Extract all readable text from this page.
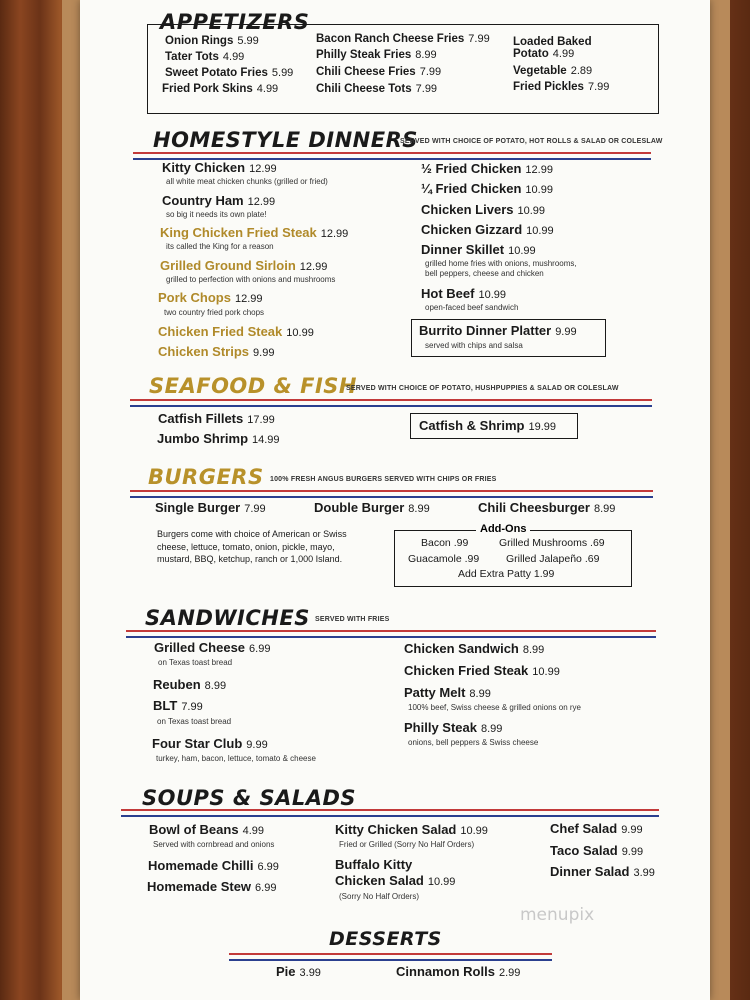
APPETIZERS
Onion Rings 5.99
Tater Tots 4.99
Sweet Potato Fries 5.99
Fried Pork Skins 4.99
Bacon Ranch Cheese Fries 7.99
Philly Steak Fries 8.99
Chili Cheese Fries 7.99
Chili Cheese Tots 7.99
Loaded Baked
Potato 4.99
Vegetable 2.89
Fried Pickles 7.99
HOMESTYLE DINNERS
SERVED WITH CHOICE OF POTATO, HOT ROLLS & SALAD OR COLESLAW
Kitty Chicken 12.99
all white meat chicken chunks (grilled or fried)
Country Ham 12.99
so big it needs its own plate!
King Chicken Fried Steak 12.99
its called the King for a reason
Grilled Ground Sirloin 12.99
grilled to perfection with onions and mushrooms
Pork Chops 12.99
two country fried pork chops
Chicken Fried Steak 10.99
Chicken Strips 9.99
½ Fried Chicken 12.99
¼ Fried Chicken 10.99
Chicken Livers 10.99
Chicken Gizzard 10.99
Dinner Skillet 10.99
grilled home fries with onions, mushrooms,
bell peppers, cheese and chicken
Hot Beef 10.99
open-faced beef sandwich
Burrito Dinner Platter 9.99
served with chips and salsa
SEAFOOD & FISH
SERVED WITH CHOICE OF POTATO, HUSHPUPPIES & SALAD OR COLESLAW
Catfish Fillets 17.99
Jumbo Shrimp 14.99
Catfish & Shrimp 19.99
BURGERS 100% FRESH ANGUS BURGERS SERVED WITH CHIPS OR FRIES
Single Burger 7.99	Double Burger 8.99	Chili Cheesburger 8.99
Burgers come with choice of American or Swiss cheese, lettuce, tomato, onion, pickle, mayo, mustard, BBQ, ketchup, ranch or 1,000 Island.
Add-Ons
Bacon .99	Grilled Mushrooms .69
Guacamole .99	Grilled Jalapeño .69
Add Extra Patty 1.99
SANDWICHES SERVED WITH FRIES
Grilled Cheese 6.99
on Texas toast bread
Reuben 8.99
BLT 7.99
on Texas toast bread
Four Star Club 9.99
turkey, ham, bacon, lettuce, tomato & cheese
Chicken Sandwich 8.99
Chicken Fried Steak 10.99
Patty Melt 8.99
100% beef, Swiss cheese & grilled onions on rye
Philly Steak 8.99
onions, bell peppers & Swiss cheese
SOUPS & SALADS
Bowl of Beans 4.99
Served with cornbread and onions
Homemade Chilli 6.99
Homemade Stew 6.99
Kitty Chicken Salad 10.99
Fried or Grilled (Sorry No Half Orders)
Buffalo Kitty
Chicken Salad 10.99
(Sorry No Half Orders)
Chef Salad 9.99
Taco Salad 9.99
Dinner Salad 3.99
menupix
DESSERTS
Pie 3.99	Cinnamon Rolls 2.99
